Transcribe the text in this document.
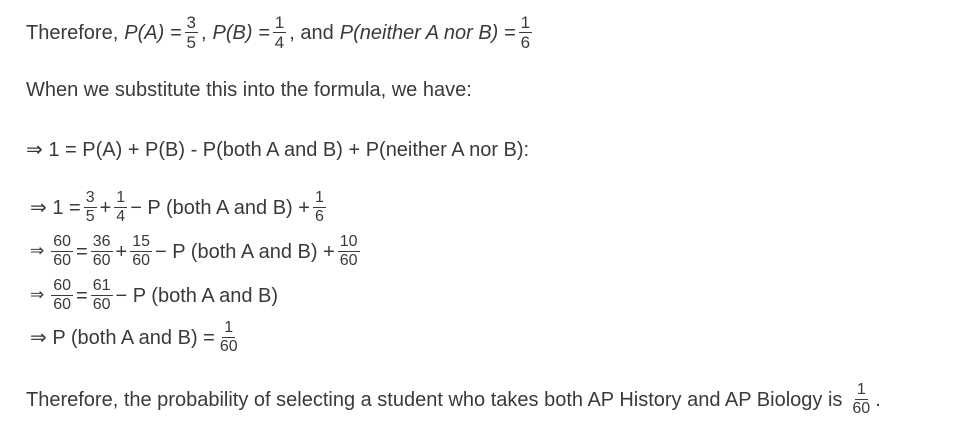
Therefore, $P(A) = \frac{3}{5}$ , $P(B) = \frac{1}{4}$ , and P(neither A nor $B) = \frac{1}{6}$
When we substitute this into the formula, we have:
⇒ 1 = P(A) + P(B) - P(both A and B) + P(neither A nor B):
⇒ $1 = \frac{3}{5} + \frac{1}{4} - P$ (both A and $B) + \frac{1}{6}$
⇒ $\frac{60}{60} = \frac{36}{60} + \frac{15}{60} - P$ (both A and $B) + \frac{10}{60}$
⇒ $\frac{60}{60} = \frac{61}{60} - P$ (both A and B)
⇒ P (both A and $B) = \frac{1}{60}$
Therefore, the probability of selecting a student who takes both AP History and AP Biology is $\frac{1}{60}$ .
